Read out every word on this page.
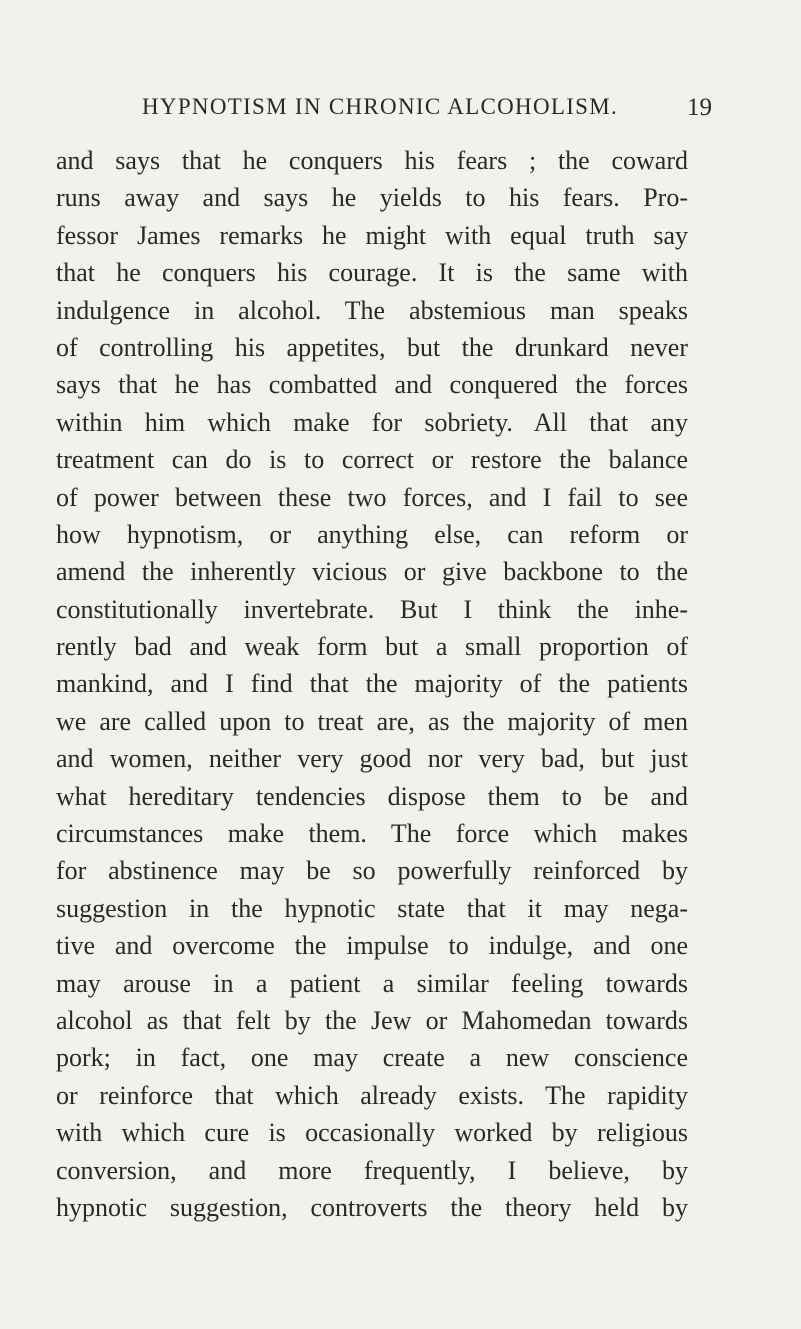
HYPNOTISM IN CHRONIC ALCOHOLISM.	19
and says that he conquers his fears ; the coward
runs away and says he yields to his fears. Pro-
fessor James remarks he might with equal truth say
that he conquers his courage. It is the same with
indulgence in alcohol. The abstemious man speaks
of controlling his appetites, but the drunkard never
says that he has combatted and conquered the forces
within him which make for sobriety. All that any
treatment can do is to correct or restore the balance
of power between these two forces, and I fail to see
how hypnotism, or anything else, can reform or
amend the inherently vicious or give backbone to the
constitutionally invertebrate. But I think the inhe-
rently bad and weak form but a small proportion of
mankind, and I find that the majority of the patients
we are called upon to treat are, as the majority of men
and women, neither very good nor very bad, but just
what hereditary tendencies dispose them to be and
circumstances make them. The force which makes
for abstinence may be so powerfully reinforced by
suggestion in the hypnotic state that it may nega-
tive and overcome the impulse to indulge, and one
may arouse in a patient a similar feeling towards
alcohol as that felt by the Jew or Mahomedan towards
pork; in fact, one may create a new conscience
or reinforce that which already exists. The rapidity
with which cure is occasionally worked by religious
conversion, and more frequently, I believe, by
hypnotic suggestion, controverts the theory held by
